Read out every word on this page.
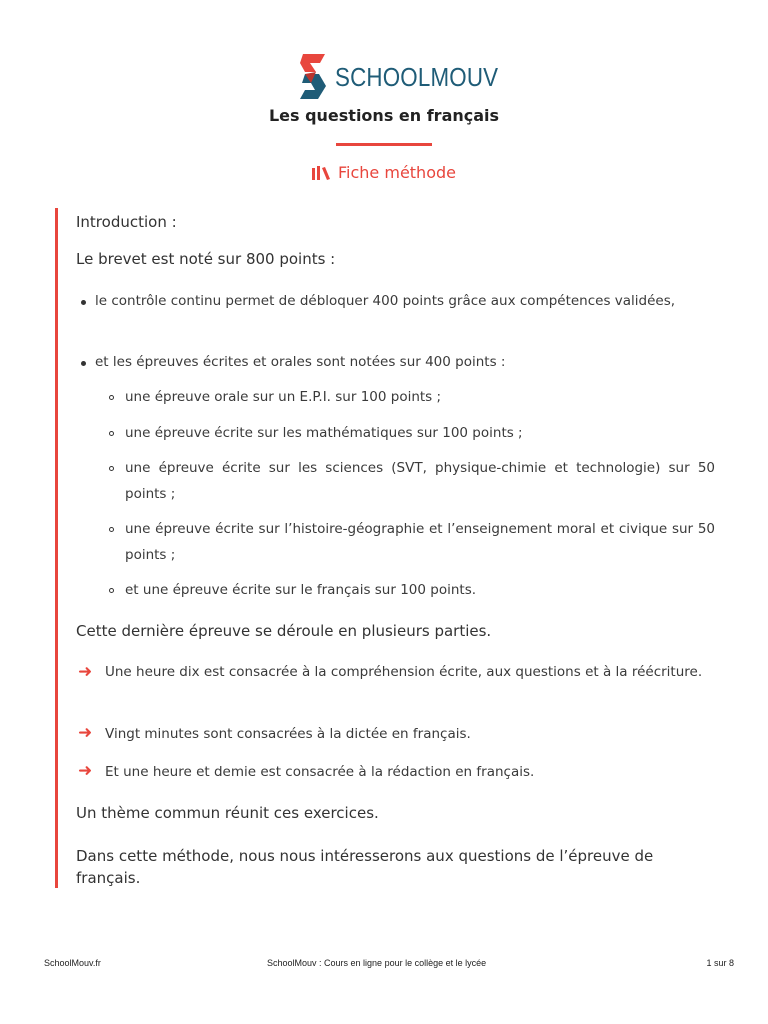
SCHOOLMOUV
Les questions en français
Fiche méthode
Introduction :
Le brevet est noté sur 800 points :
le contrôle continu permet de débloquer 400 points grâce aux compétences validées,
et les épreuves écrites et orales sont notées sur 400 points :
une épreuve orale sur un E.P.I. sur 100 points ;
une épreuve écrite sur les mathématiques sur 100 points ;
une épreuve écrite sur les sciences (SVT, physique-chimie et technologie) sur 50 points ;
une épreuve écrite sur l’histoire-géographie et l’enseignement moral et civique sur 50 points ;
et une épreuve écrite sur le français sur 100 points.
Cette dernière épreuve se déroule en plusieurs parties.
➜ Une heure dix est consacrée à la compréhension écrite, aux questions et à la réécriture.
➜ Vingt minutes sont consacrées à la dictée en français.
➜ Et une heure et demie est consacrée à la rédaction en français.
Un thème commun réunit ces exercices.
Dans cette méthode, nous nous intéresserons aux questions de l’épreuve de français.
SchoolMouv.fr	SchoolMouv : Cours en ligne pour le collège et le lycée	1 sur 8
